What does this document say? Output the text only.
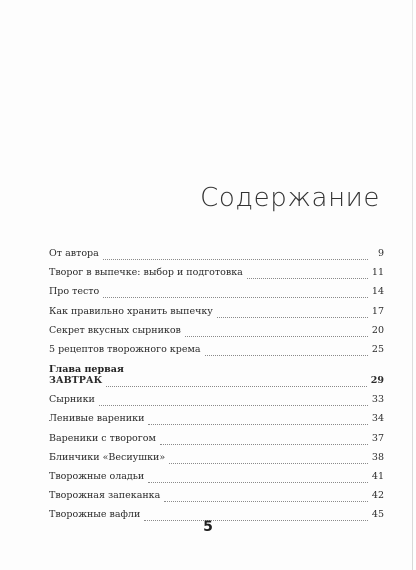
Содержание
От автора	9
Творог в выпечке: выбор и подготовка	11
Про тесто	14
Как правильно хранить выпечку	17
Секрет вкусных сырников	20
5 рецептов творожного крема	25
Глава первая
ЗАВТРАК	29
Сырники	33
Ленивые вареники	34
Вареники с творогом	37
Блинчики «Весиушки»	38
Творожные оладьи	41
Творожная запеканка	42
Творожные вафли	45
5
